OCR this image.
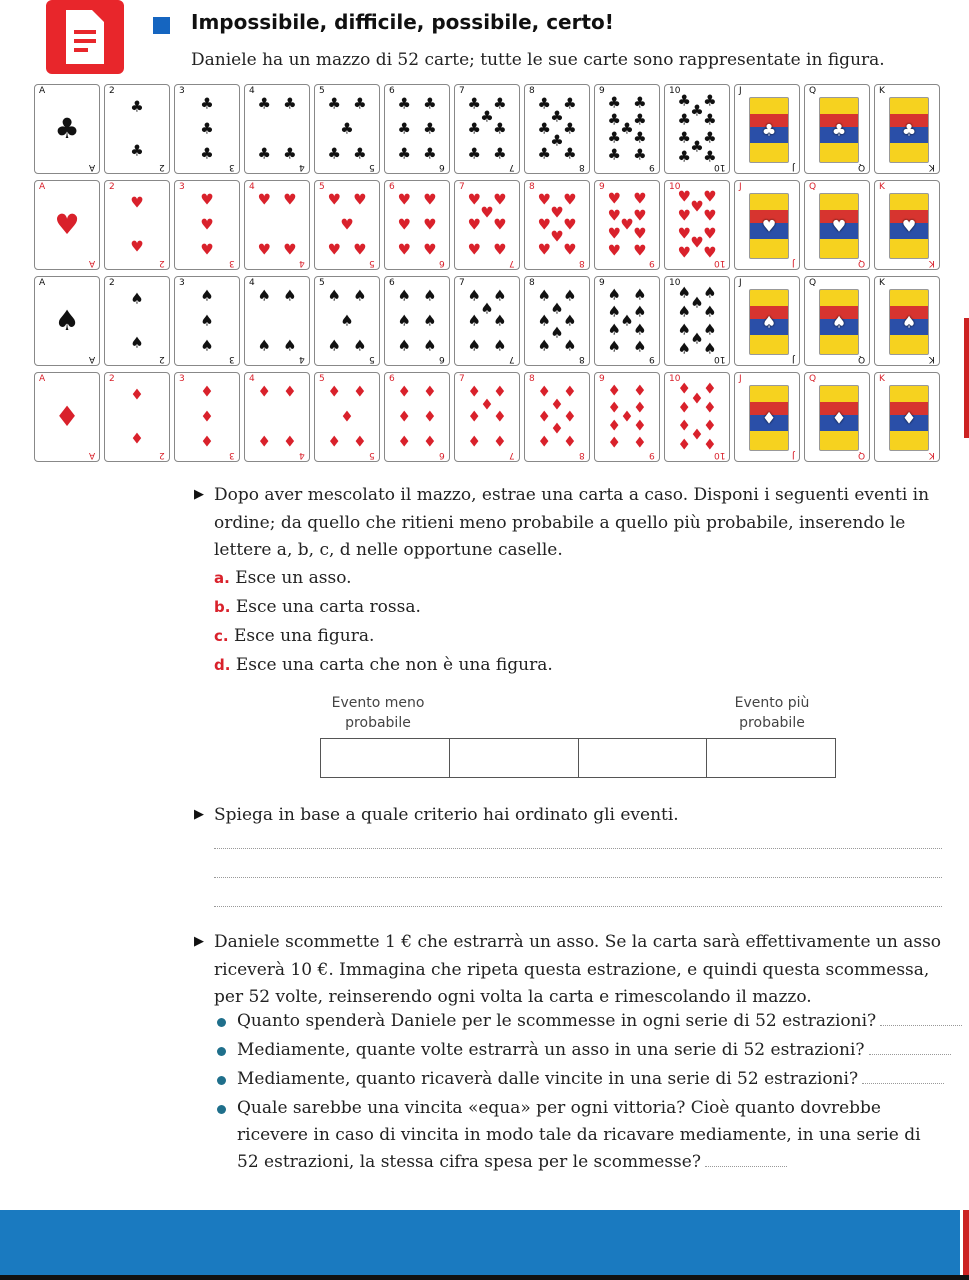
Impossibile, difficile, possibile, certo!
Daniele ha un mazzo di 52 carte; tutte le sue carte sono rappresentate in figura.
A
A
♣
2
2
♣
♣
3
3
♣
♣
♣
4
4
♣ ♣
♣ ♣
5
5
♣ ♣
♣
♣ ♣
6
6
♣ ♣
♣ ♣
♣ ♣
7
7
♣ ♣
♣
♣ ♣
♣ ♣
8
8
♣ ♣
♣
♣ ♣
♣
♣ ♣
9
9
♣ ♣
♣ ♣
♣
♣ ♣
♣ ♣
10
10
♣ ♣
♣
♣ ♣
♣ ♣
♣
♣ ♣
J
J
♣
Q
Q
♣
K
K
♣
A
A
♥
2
2
♥
♥
3
3
♥
♥
♥
4
4
♥ ♥
♥ ♥
5
5
♥ ♥
♥
♥ ♥
6
6
♥ ♥
♥ ♥
♥ ♥
7
7
♥ ♥
♥
♥ ♥
♥ ♥
8
8
♥ ♥
♥
♥ ♥
♥
♥ ♥
9
9
♥ ♥
♥ ♥
♥
♥ ♥
♥ ♥
10
10
♥ ♥
♥
♥ ♥
♥ ♥
♥
♥ ♥
J
J
♥
Q
Q
♥
K
K
♥
A
A
♠
2
2
♠
♠
3
3
♠
♠
♠
4
4
♠ ♠
♠ ♠
5
5
♠ ♠
♠
♠ ♠
6
6
♠ ♠
♠ ♠
♠ ♠
7
7
♠ ♠
♠
♠ ♠
♠ ♠
8
8
♠ ♠
♠
♠ ♠
♠
♠ ♠
9
9
♠ ♠
♠ ♠
♠
♠ ♠
♠ ♠
10
10
♠ ♠
♠
♠ ♠
♠ ♠
♠
♠ ♠
J
J
♠
Q
Q
♠
K
K
♠
A
A
♦
2
2
♦
♦
3
3
♦
♦
♦
4
4
♦ ♦
♦ ♦
5
5
♦ ♦
♦
♦ ♦
6
6
♦ ♦
♦ ♦
♦ ♦
7
7
♦ ♦
♦
♦ ♦
♦ ♦
8
8
♦ ♦
♦
♦ ♦
♦
♦ ♦
9
9
♦ ♦
♦ ♦
♦
♦ ♦
♦ ♦
10
10
♦ ♦
♦
♦ ♦
♦ ♦
♦
♦ ♦
J
J
♦
Q
Q
♦
K
K
♦
▶ Dopo aver mescolato il mazzo, estrae una carta a caso. Disponi i seguenti eventi in ordine; da quello che ritieni meno probabile a quello più probabile, inserendo le lettere a, b, c, d nelle opportune caselle.
a. Esce un asso.
b. Esce una carta rossa.
c. Esce una figura.
d. Esce una carta che non è una figura.
Evento meno probabile
Evento più probabile
▶ Spiega in base a quale criterio hai ordinato gli eventi.
▶ Daniele scommette 1 € che estrarrà un asso. Se la carta sarà effettivamente un asso riceverà 10 €. Immagina che ripeta questa estrazione, e quindi questa scommessa, per 52 volte, reinserendo ogni volta la carta e rimescolando il mazzo.
Quanto spenderà Daniele per le scommesse in ogni serie di 52 estrazioni?
Mediamente, quante volte estrarrà un asso in una serie di 52 estrazioni?
Mediamente, quanto ricaverà dalle vincite in una serie di 52 estrazioni?
Quale sarebbe una vincita «equa» per ogni vittoria? Cioè quanto dovrebbe ricevere in caso di vincita in modo tale da ricavare mediamente, in una serie di 52 estrazioni, la stessa cifra spesa per le scommesse?
